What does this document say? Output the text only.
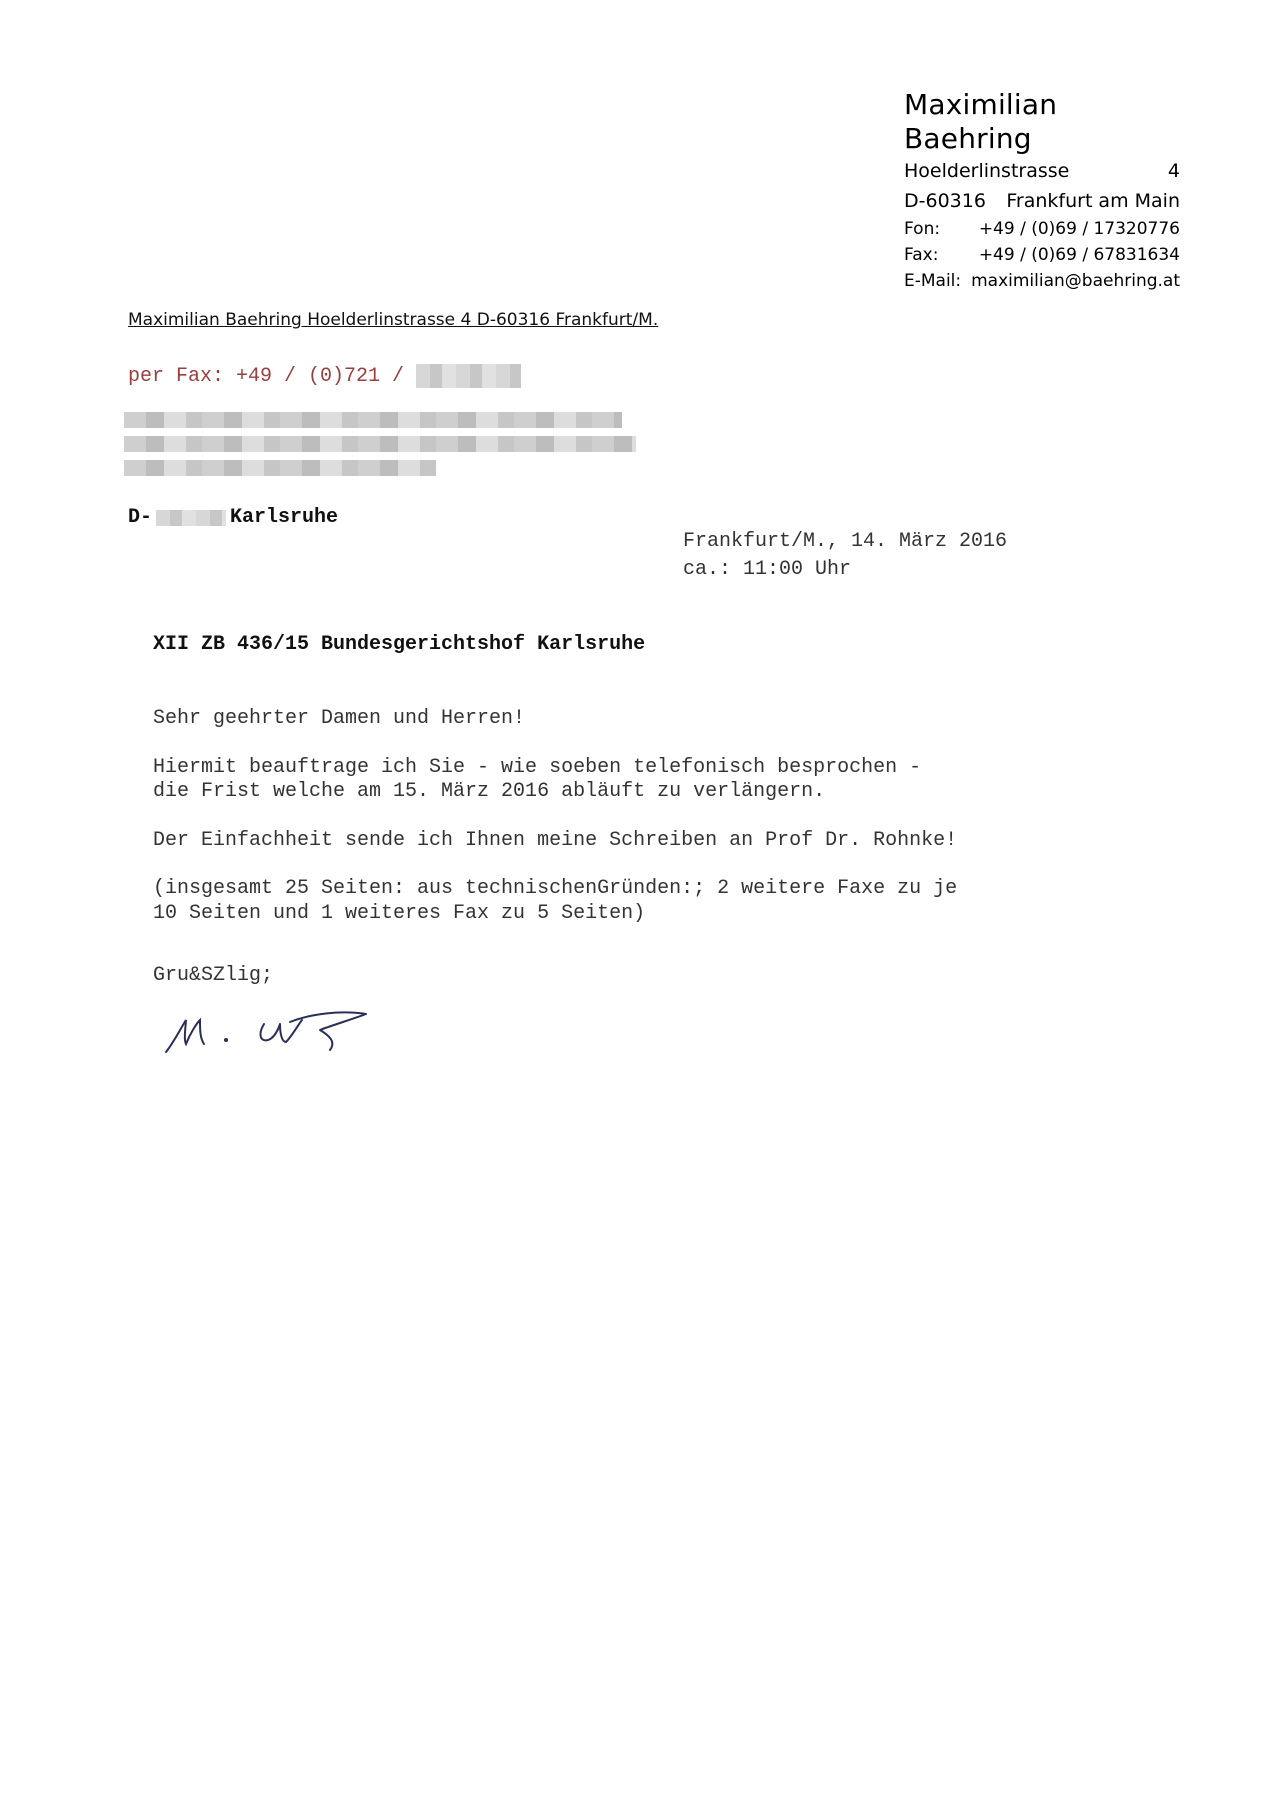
Maximilian Baehring
Hoelderlinstrasse	4
D-60316 Frankfurt am Main
Fon:	+49 / (0)69 / 17320776
Fax:	+49 / (0)69 / 67831634
E-Mail: maximilian@baehring.at
Maximilian Baehring Hoelderlinstrasse 4 D-60316 Frankfurt/M.
per Fax: +49 / (0)721 /
D-	Karlsruhe
Frankfurt/M., 14. März 2016
ca.: 11:00 Uhr
XII ZB 436/15 Bundesgerichtshof Karlsruhe

Sehr geehrter Damen und Herren!

Hiermit beauftrage ich Sie - wie soeben telefonisch besprochen -

die Frist welche am 15. März 2016 abläuft zu verlängern.

Der Einfachheit sende ich Ihnen meine Schreiben an Prof Dr. Rohnke!

(insgesamt 25 Seiten: aus technischenGründen:; 2 weitere Faxe zu je

10 Seiten und 1 weiteres Fax zu 5 Seiten)

Gru&SZlig;
